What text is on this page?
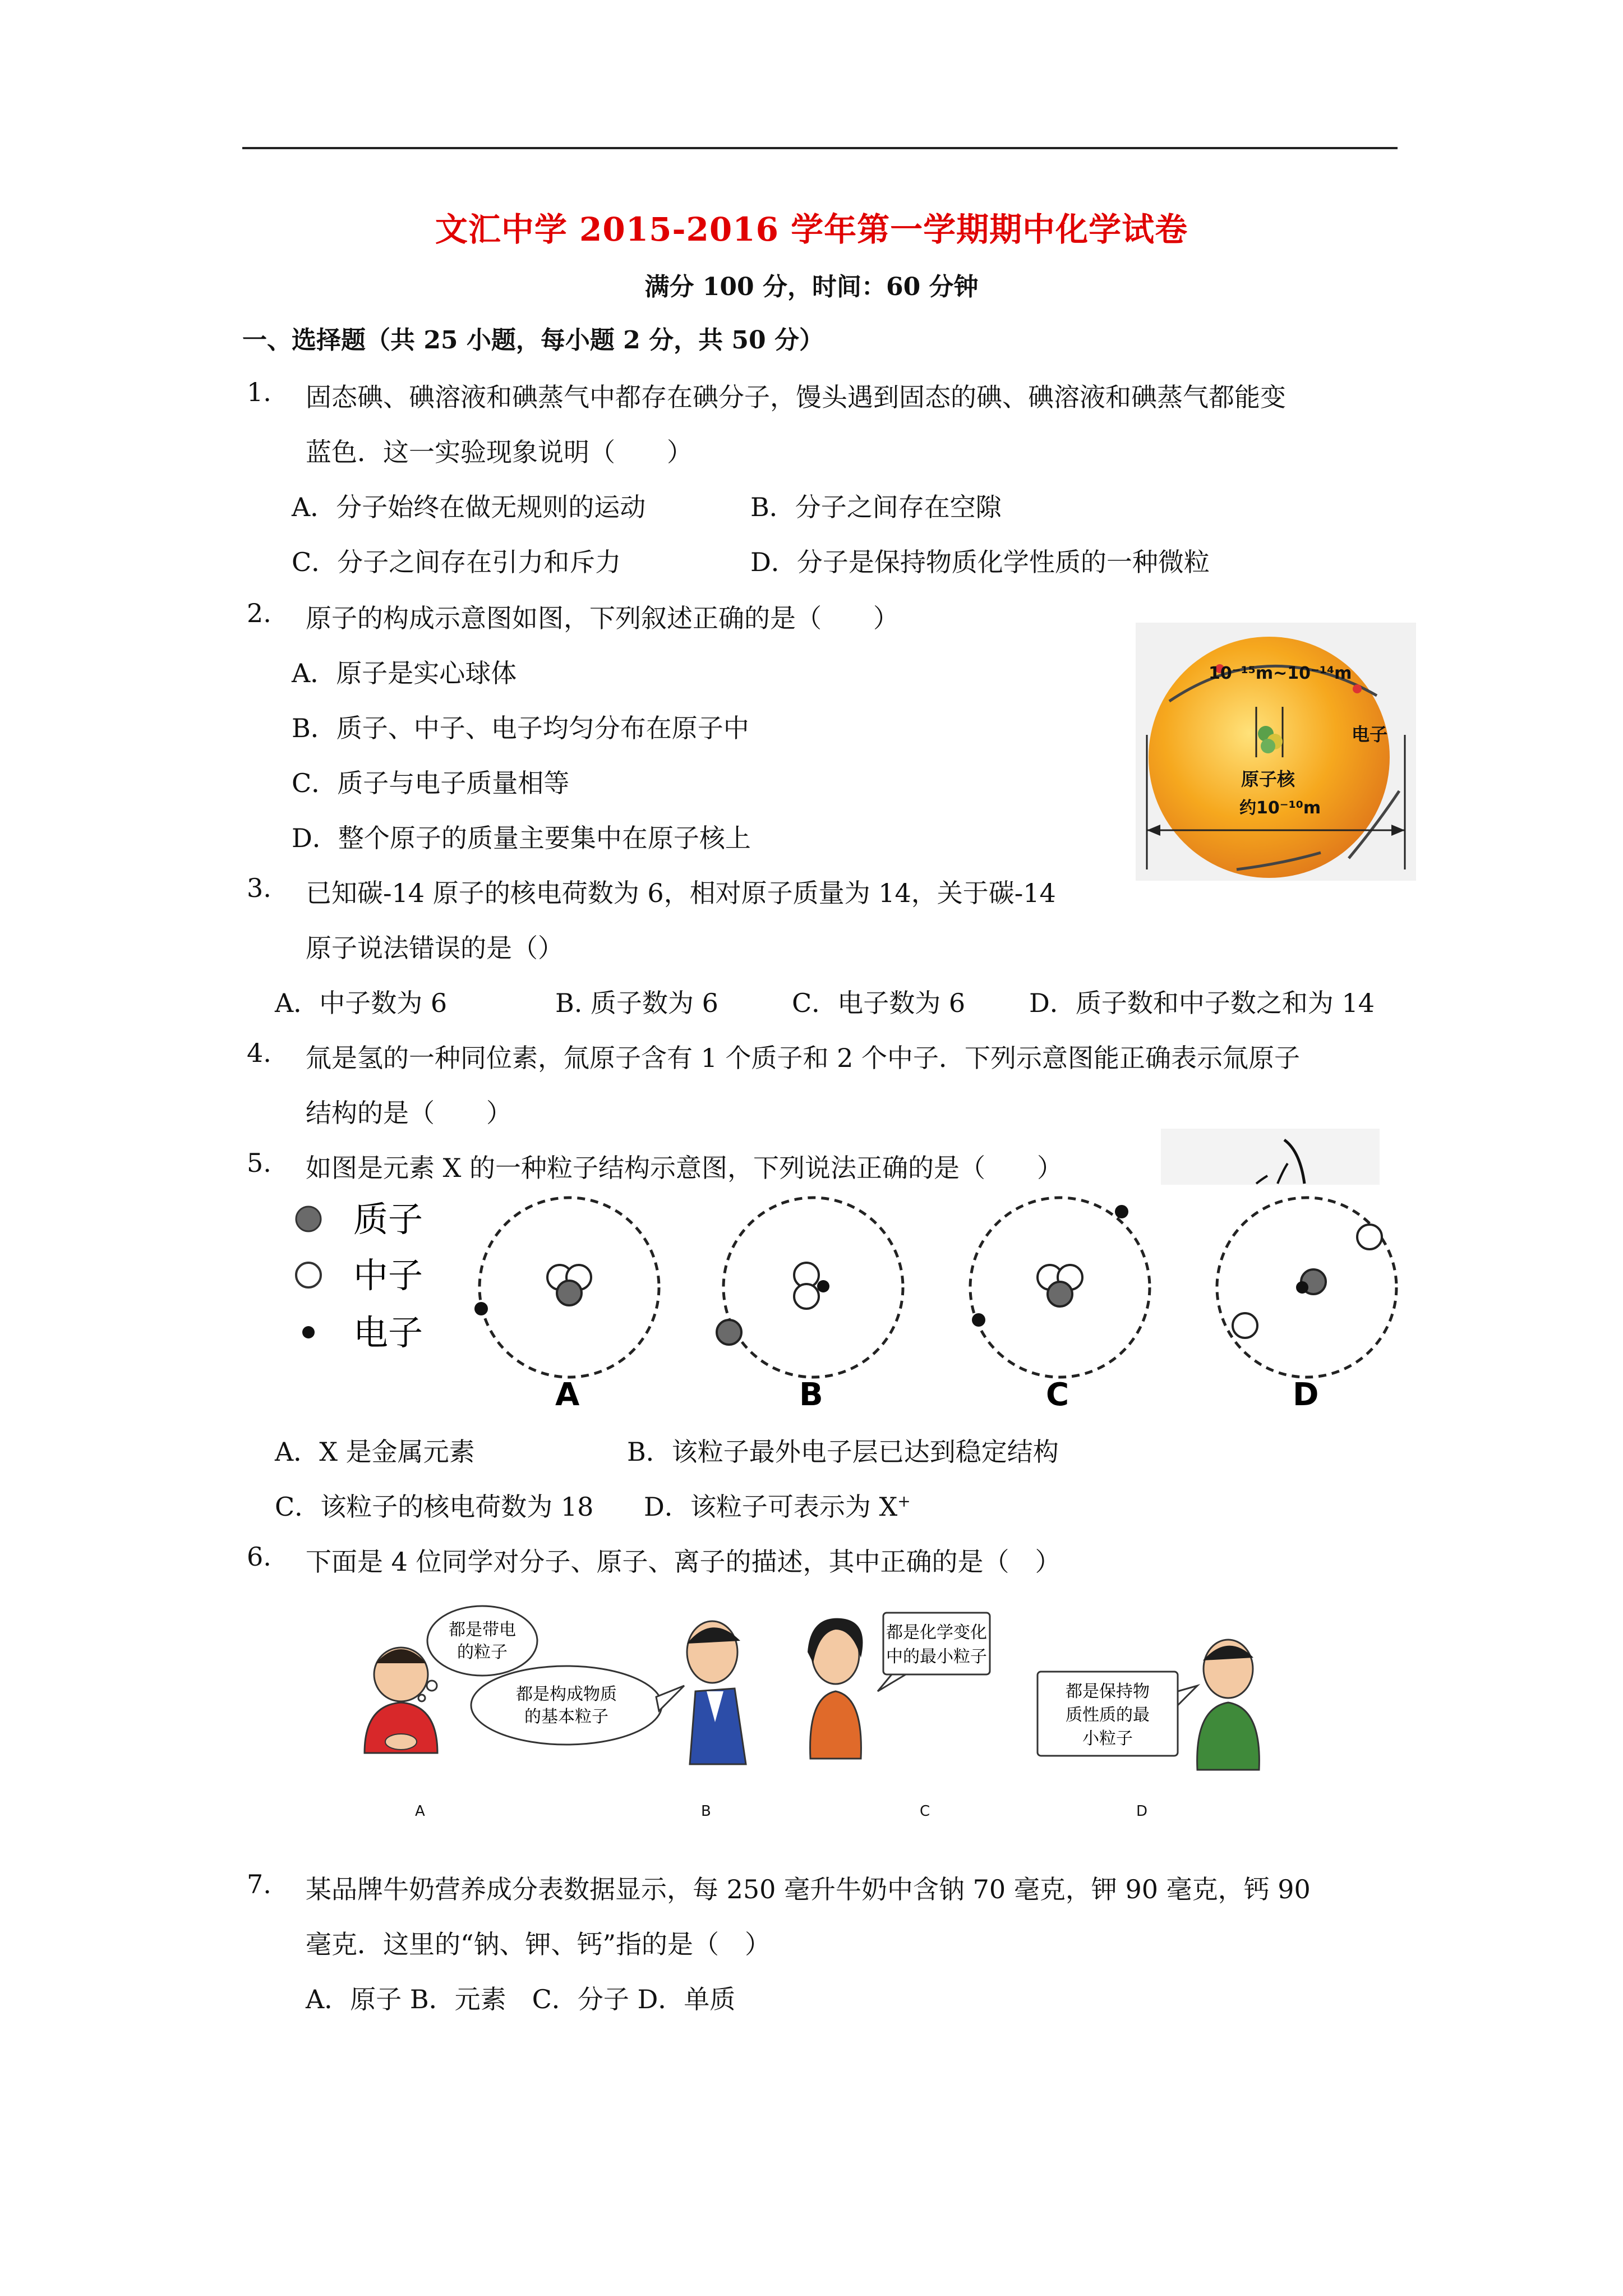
文汇中学 2015-2016 学年第一学期期中化学试卷
满分 100 分，时间：60 分钟
一、选择题（共 25 小题，每小题 2 分，共 50 分）
1. 固态碘、碘溶液和碘蒸气中都存在碘分子，馒头遇到固态的碘、碘溶液和碘蒸气都能变
蓝色．这一实验现象说明（　　）
A．分子始终在做无规则的运动	B．分子之间存在空隙
C．分子之间存在引力和斥力	D．分子是保持物质化学性质的一种微粒
2. 原子的构成示意图如图，下列叙述正确的是（　　）
A．原子是实心球体
B．质子、中子、电子均匀分布在原子中
C．质子与电子质量相等
D．整个原子的质量主要集中在原子核上
10⁻¹⁵m~10⁻¹⁴m
电子
原子核
约10⁻¹⁰m
3. 已知碳-14 原子的核电荷数为 6，相对原子质量为 14，关于碳-14
原子说法错误的是（）
A．中子数为 6	B. 质子数为 6	C．电子数为 6 D．质子数和中子数之和为 14
4. 氚是氢的一种同位素，氚原子含有 1 个质子和 2 个中子．下列示意图能正确表示氚原子
结构的是（　　）
5. 如图是元素 X 的一种粒子结构示意图，下列说法正确的是（　　）
质子
中子
电子
A	B	C	D
A．X 是金属元素	B．该粒子最外电子层已达到稳定结构
C．该粒子的核电荷数为 18 D．该粒子可表示为 X+
6. 下面是 4 位同学对分子、原子、离子的描述，其中正确的是（　）
都是带电
的粒子
都是构成物质
的基本粒子
都是化学变化
中的最小粒子
都是保持物
质性质的最
小粒子
A	B	C	D
7. 某品牌牛奶营养成分表数据显示，每 250 毫升牛奶中含钠 70 毫克，钾 90 毫克，钙 90
毫克．这里的“钠、钾、钙”指的是（　）
A．原子 B．元素　C．分子 D．单质
